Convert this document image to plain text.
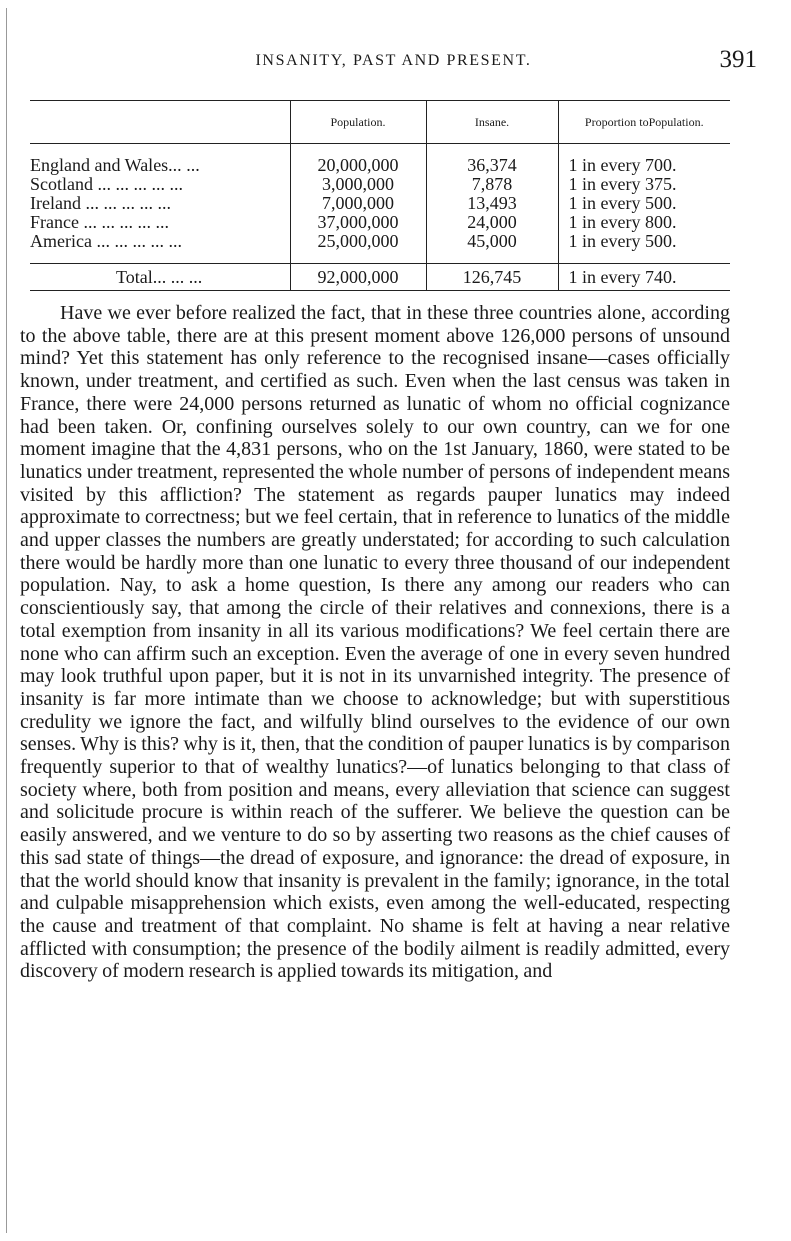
INSANITY, PAST AND PRESENT.	391
	Population.	Insane.	Proportion toPopulation.

England and Wales... ...	20,000,000	36,374	1 in every 700.
Scotland ... ... ... ... ...	3,000,000	7,878	1 in every 375.
Ireland ... ... ... ... ...	7,000,000	13,493	1 in every 500.
France ... ... ... ... ...	37,000,000	24,000	1 in every 800.
America ... ... ... ... ...	25,000,000	45,000	1 in every 500.

Total... ... ...	92,000,000	126,745	1 in every 740.

Have we ever before realized the fact, that in these three countries alone, according to the above table, there are at this present moment above 126,000 persons of unsound mind? Yet this statement has only reference to the recognised insane—cases officially known, under treatment, and certified as such. Even when the last census was taken in France, there were 24,000 persons returned as lunatic of whom no official cognizance had been taken. Or, confining ourselves solely to our own country, can we for one moment imagine that the 4,831 persons, who on the 1st January, 1860, were stated to be lunatics under treatment, represented the whole number of persons of independent means visited by this affliction? The statement as regards pauper lunatics may indeed approximate to correctness; but we feel certain, that in reference to lunatics of the middle and upper classes the numbers are greatly understated; for according to such calculation there would be hardly more than one lunatic to every three thousand of our independent population. Nay, to ask a home question, Is there any among our readers who can conscientiously say, that among the circle of their relatives and connexions, there is a total exemption from insanity in all its various modifications? We feel certain there are none who can affirm such an exception. Even the average of one in every seven hundred may look truthful upon paper, but it is not in its unvarnished integrity. The presence of insanity is far more intimate than we choose to acknowledge; but with superstitious credulity we ignore the fact, and wilfully blind ourselves to the evidence of our own senses. Why is this? why is it, then, that the condition of pauper lunatics is by comparison frequently superior to that of wealthy lunatics?—of lunatics belonging to that class of society where, both from position and means, every alleviation that science can suggest and solicitude procure is within reach of the sufferer. We believe the question can be easily answered, and we venture to do so by asserting two reasons as the chief causes of this sad state of things—the dread of exposure, and ignorance: the dread of exposure, in that the world should know that insanity is prevalent in the family; ignorance, in the total and culpable misapprehension which exists, even among the well-educated, respecting the cause and treatment of that complaint. No shame is felt at having a near relative afflicted with consumption; the presence of the bodily ailment is readily admitted, every discovery of modern research is applied towards its mitigation, and
